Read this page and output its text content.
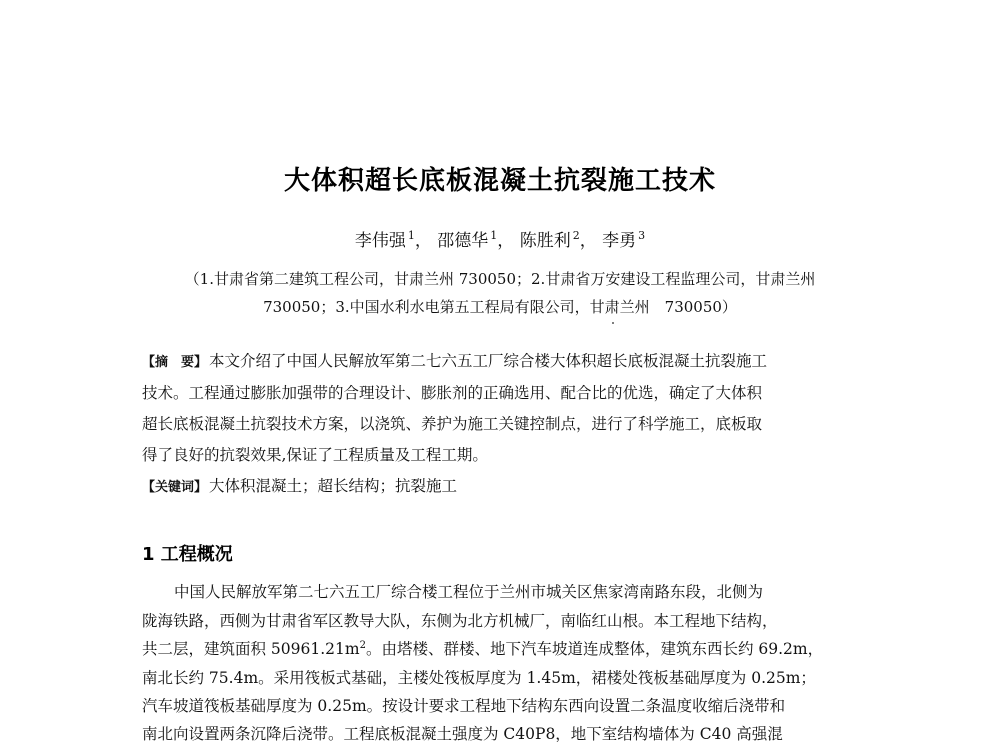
大体积超长底板混凝土抗裂施工技术
李伟强 $^1$， 邵德华 $^1$， 陈胜利 $^2$， 李勇 $^3$
（1.甘肃省第二建筑工程公司，甘肃兰州 730050；2.甘肃省万安建设工程监理公司，甘肃兰州
730050；3.中国水利水电第五工程局有限公司，甘肃兰州　730050）
【摘　要】 本文介绍了中国人民解放军第二七六五工厂综合楼大体积超长底板混凝土抗裂施工
技术。工程通过膨胀加强带的合理设计、膨胀剂的正确选用、配合比的优选，确定了大体积
超长底板混凝土抗裂技术方案，以浇筑、养护为施工关键控制点，进行了科学施工，底板取
得了良好的抗裂效果,保证了工程质量及工程工期。
【关键词】 大体积混凝土；超长结构；抗裂施工
1 工程概况
中国人民解放军第二七六五工厂综合楼工程位于兰州市城关区焦家湾南路东段，北侧为
陇海铁路，西侧为甘肃省军区教导大队，东侧为北方机械厂，南临红山根。本工程地下结构，
共二层，建筑面积 $50961.21m^2$。由塔楼、群楼、地下汽车坡道连成整体，建筑东西长约 69.2m，
南北长约 75.4m。采用筏板式基础，主楼处筏板厚度为 1.45m，裙楼处筏板基础厚度为 0.25m；
汽车坡道筏板基础厚度为 0.25m。按设计要求工程地下结构东西向设置二条温度收缩后浇带和
南北向设置两条沉降后浇带。工程底板混凝土强度为 C40P8，地下室结构墙体为 C40 高强混
